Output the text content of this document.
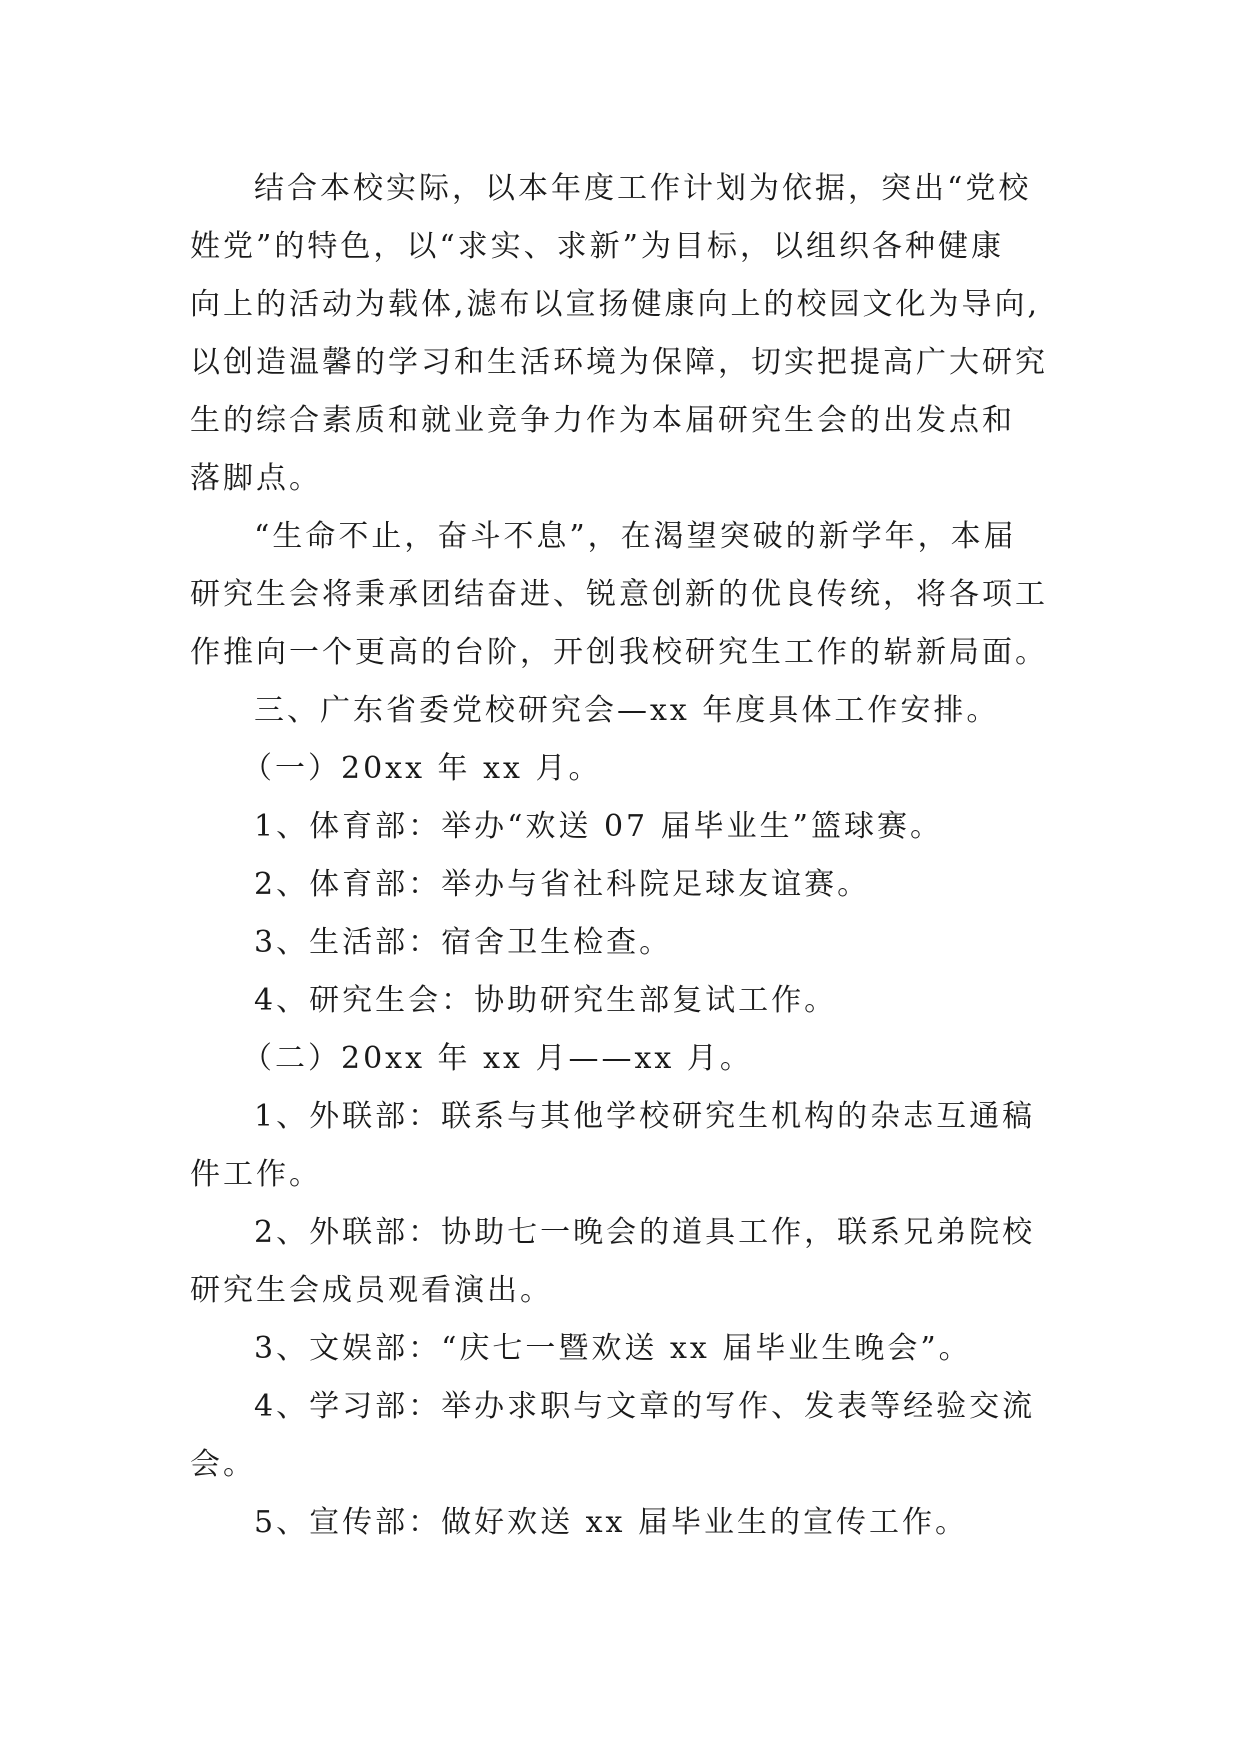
结合本校实际，以本年度工作计划为依据，突出“党校
姓党”的特色，以“求实、求新”为目标，以组织各种健康
向上的活动为载体,滤布以宣扬健康向上的校园文化为导向,
以创造温馨的学习和生活环境为保障，切实把提高广大研究
生的综合素质和就业竞争力作为本届研究生会的出发点和
落脚点。
“生命不止，奋斗不息”，在渴望突破的新学年，本届
研究生会将秉承团结奋进、锐意创新的优良传统，将各项工
作推向一个更高的台阶，开创我校研究生工作的崭新局面。
三、广东省委党校研究会—xx 年度具体工作安排。
（一）20xx 年 xx 月。
1、体育部：举办“欢送 07 届毕业生”篮球赛。
2、体育部：举办与省社科院足球友谊赛。
3、生活部：宿舍卫生检查。
4、研究生会：协助研究生部复试工作。
（二）20xx 年 xx 月——xx 月。
1、外联部：联系与其他学校研究生机构的杂志互通稿
件工作。
2、外联部：协助七一晚会的道具工作，联系兄弟院校
研究生会成员观看演出。
3、文娱部：“庆七一暨欢送 xx 届毕业生晚会”。
4、学习部：举办求职与文章的写作、发表等经验交流
会。
5、宣传部：做好欢送 xx 届毕业生的宣传工作。
